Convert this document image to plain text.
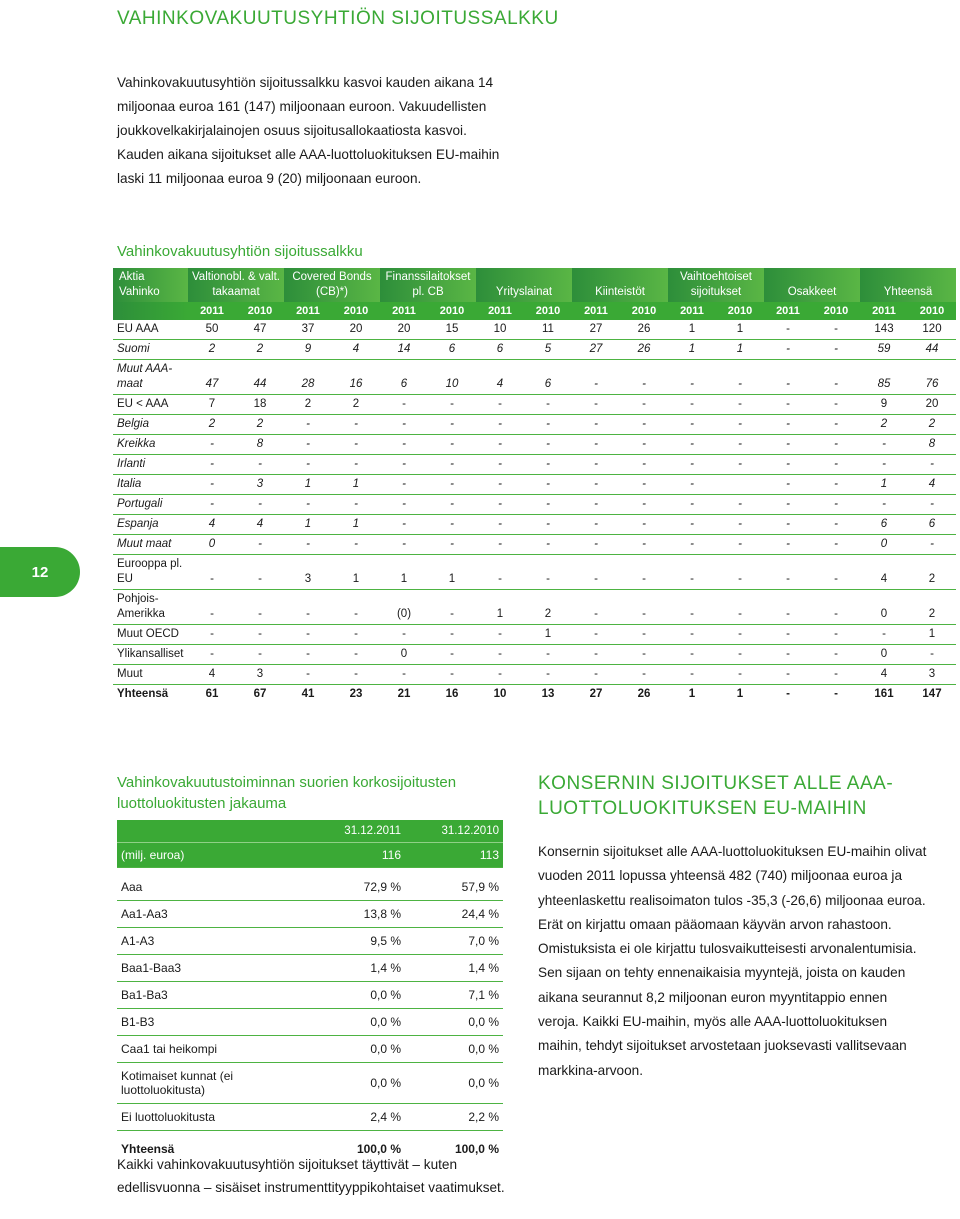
VAHINKOVAKUUTUSYHTIÖN SIJOITUSSALKKU

Vahinkovakuutusyhtiön sijoitussalkku kasvoi kauden aikana 14 miljoonaa euroa 161 (147) miljoonaan euroon. Vakuudellisten joukkovelkakirjalainojen osuus sijoitusallokaatiosta kasvoi. Kauden aikana sijoitukset alle AAA-luottoluokituksen EU-maihin laski 11 miljoonaa euroa 9 (20) miljoonaan euroon.

Vahinkovakuutusyhtiön sijoitussalkku
12
Aktia Vahinko	Valtionobl. & valt. takaamat		Covered Bonds (CB)*)		Finanssilaitokset pl. CB		Yrityslainat		Kiinteistöt		Vaihtoehtoiset sijoitukset		Osakkeet		Yhteensä	
	2011	2010	2011	2010	2011	2010	2011	2010	2011	2010	2011	2010	2011	2010	2011	2010
EU AAA	50	47	37	20	20	15	10	11	27	26	1	1	-	-	143	120
Suomi	2	2	9	4	14	6	6	5	27	26	1	1	-	-	59	44
Muut AAA-maat	47	44	28	16	6	10	4	6	-	-	-	-	-	-	85	76
EU < AAA	7	18	2	2	-	-	-	-	-	-	-	-	-	-	9	20
Belgia	2	2	-	-	-	-	-	-	-	-	-	-	-	-	2	2
Kreikka	-	8	-	-	-	-	-	-	-	-	-	-	-	-	-	8
Irlanti	-	-	-	-	-	-	-	-	-	-	-	-	-	-	-	-
Italia	-	3	1	1	-	-	-	-	-	-	-		-	-	1	4
Portugali	-	-	-	-	-	-	-	-	-	-	-	-	-	-	-	-
Espanja	4	4	1	1	-	-	-	-	-	-	-	-	-	-	6	6
Muut maat	0	-	-	-	-	-	-	-	-	-	-	-	-	-	0	-
Eurooppa pl. EU	-	-	3	1	1	1	-	-	-	-	-	-	-	-	4	2
Pohjois-Amerikka	-	-	-	-	(0)	-	1	2	-	-	-	-	-	-	0	2
Muut OECD	-	-	-	-	-	-	-	1	-	-	-	-	-	-	-	1
Ylikansalliset	-	-	-	-	0	-	-	-	-	-	-	-	-	-	0	-
Muut	4	3	-	-	-	-	-	-	-	-	-	-	-	-	4	3
Yhteensä	61	67	41	23	21	16	10	13	27	26	1	1	-	-	161	147
Vahinkovakuutustoiminnan suorien korkosijoitusten luottoluokitusten jakauma
	31.12.2011	31.12.2010
(milj. euroa)	116	113

Aaa	72,9 %	57,9 %
Aa1-Aa3	13,8 %	24,4 %
A1-A3	9,5 %	7,0 %
Baa1-Baa3	1,4 %	1,4 %
Ba1-Ba3	0,0 %	7,1 %
B1-B3	0,0 %	0,0 %
Caa1 tai heikompi	0,0 %	0,0 %
Kotimaiset kunnat (ei luottoluokitusta)	0,0 %	0,0 %
Ei luottoluokitusta	2,4 %	2,2 %

Yhteensä	100,0 %	100,0 %
Kaikki vahinkovakuutusyhtiön sijoitukset täyttivät – kuten edellisvuonna – sisäiset instrumenttityyppikohtaiset vaatimukset.
KONSERNIN SIJOITUKSET ALLE AAA-LUOTTOLUOKITUKSEN EU-MAIHIN
Konsernin sijoitukset alle AAA-luottoluokituksen EU-maihin olivat vuoden 2011 lopussa yhteensä 482 (740) miljoonaa euroa ja yhteenlaskettu realisoimaton tulos -35,3 (-26,6) miljoonaa euroa. Erät on kirjattu omaan pääomaan käyvän arvon rahastoon. Omistuksista ei ole kirjattu tulosvaikutteisesti arvonalentumisia. Sen sijaan on tehty ennenaikaisia myyntejä, joista on kauden aikana seurannut 8,2 miljoonan euron myyntitappio ennen veroja. Kaikki EU-maihin, myös alle AAA-luottoluokituksen maihin, tehdyt sijoitukset arvostetaan juoksevasti vallitsevaan markkina-arvoon.
